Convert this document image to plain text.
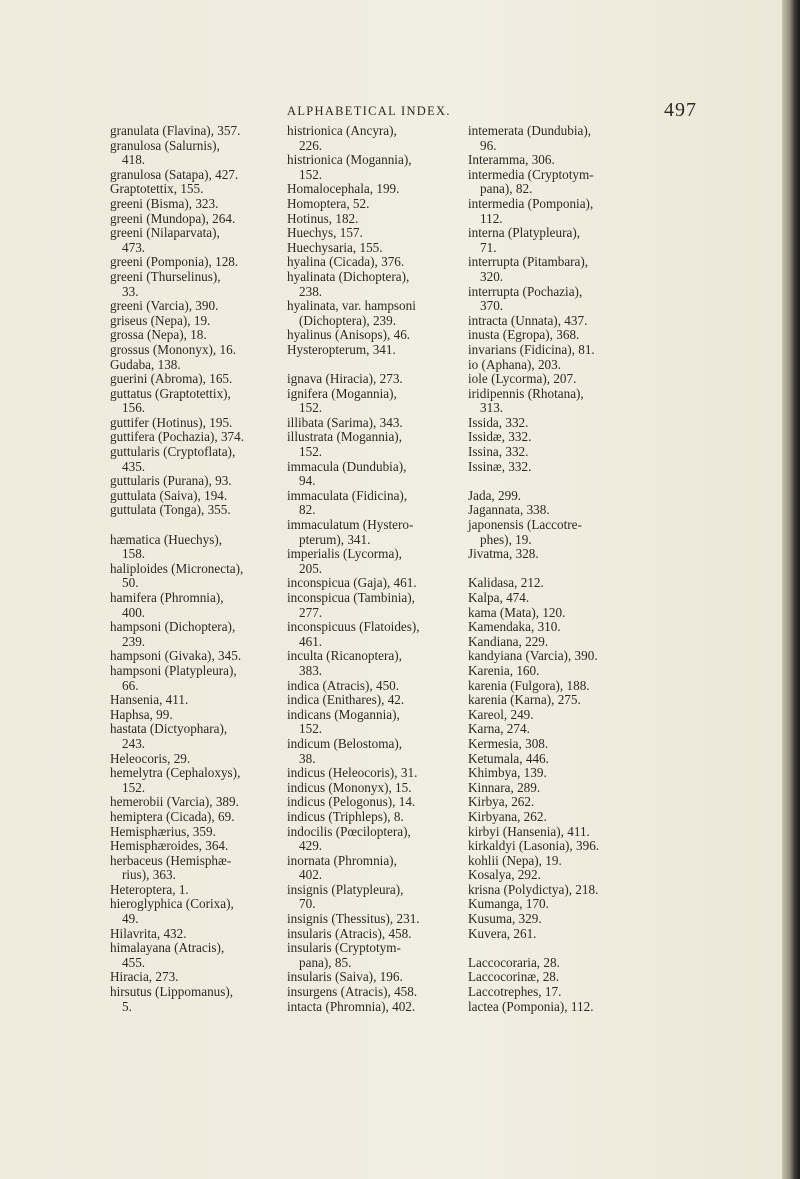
ALPHABETICAL INDEX.	497
granulata (Flavina), 357.
granulosa (Salurnis),
418.
granulosa (Satapa), 427.
Graptotettix, 155.
greeni (Bisma), 323.
greeni (Mundopa), 264.
greeni (Nilaparvata),
473.
greeni (Pomponia), 128.
greeni (Thurselinus),
33.
greeni (Varcia), 390.
griseus (Nepa), 19.
grossa (Nepa), 18.
grossus (Mononyx), 16.
Gudaba, 138.
guerini (Abroma), 165.
guttatus (Graptotettix),
156.
guttifer (Hotinus), 195.
guttifera (Pochazia), 374.
guttularis (Cryptoflata),
435.
guttularis (Purana), 93.
guttulata (Saiva), 194.
guttulata (Tonga), 355.
hæmatica (Huechys),
158.
haliploides (Micronecta),
50.
hamifera (Phromnia),
400.
hampsoni (Dichoptera),
239.
hampsoni (Givaka), 345.
hampsoni (Platypleura),
66.
Hansenia, 411.
Haphsa, 99.
hastata (Dictyophara),
243.
Heleocoris, 29.
hemelytra (Cephaloxys),
152.
hemerobii (Varcia), 389.
hemiptera (Cicada), 69.
Hemisphærius, 359.
Hemisphæroides, 364.
herbaceus (Hemisphæ-
rius), 363.
Heteroptera, 1.
hieroglyphica (Corixa),
49.
Hilavrita, 432.
himalayana (Atracis),
455.
Hiracia, 273.
hirsutus (Lippomanus),
5.
histrionica (Ancyra),
226.
histrionica (Mogannia),
152.
Homalocephala, 199.
Homoptera, 52.
Hotinus, 182.
Huechys, 157.
Huechysaria, 155.
hyalina (Cicada), 376.
hyalinata (Dichoptera),
238.
hyalinata, var. hampsoni
(Dichoptera), 239.
hyalinus (Anisops), 46.
Hysteropterum, 341.
ignava (Hiracia), 273.
ignifera (Mogannia),
152.
illibata (Sarima), 343.
illustrata (Mogannia),
152.
immacula (Dundubia),
94.
immaculata (Fidicina),
82.
immaculatum (Hystero-
pterum), 341.
imperialis (Lycorma),
205.
inconspicua (Gaja), 461.
inconspicua (Tambinia),
277.
inconspicuus (Flatoides),
461.
inculta (Ricanoptera),
383.
indica (Atracis), 450.
indica (Enithares), 42.
indicans (Mogannia),
152.
indicum (Belostoma),
38.
indicus (Heleocoris), 31.
indicus (Mononyx), 15.
indicus (Pelogonus), 14.
indicus (Triphleps), 8.
indocilis (Pœciloptera),
429.
inornata (Phromnia),
402.
insignis (Platypleura),
70.
insignis (Thessitus), 231.
insularis (Atracis), 458.
insularis (Cryptotym-
pana), 85.
insularis (Saiva), 196.
insurgens (Atracis), 458.
intacta (Phromnia), 402.
intemerata (Dundubia),
96.
Interamma, 306.
intermedia (Cryptotym-
pana), 82.
intermedia (Pomponia),
112.
interna (Platypleura),
71.
interrupta (Pitambara),
320.
interrupta (Pochazia),
370.
intracta (Unnata), 437.
inusta (Egropa), 368.
invarians (Fidicina), 81.
io (Aphana), 203.
iole (Lycorma), 207.
iridipennis (Rhotana),
313.
Issida, 332.
Issidæ, 332.
Issina, 332.
Issinæ, 332.
Jada, 299.
Jagannata, 338.
japonensis (Laccotre-
phes), 19.
Jivatma, 328.
Kalidasa, 212.
Kalpa, 474.
kama (Mata), 120.
Kamendaka, 310.
Kandiana, 229.
kandyiana (Varcia), 390.
Karenia, 160.
karenia (Fulgora), 188.
karenia (Karna), 275.
Kareol, 249.
Karna, 274.
Kermesia, 308.
Ketumala, 446.
Khimbya, 139.
Kinnara, 289.
Kirbya, 262.
Kirbyana, 262.
kirbyi (Hansenia), 411.
kirkaldyi (Lasonia), 396.
kohlii (Nepa), 19.
Kosalya, 292.
krisna (Polydictya), 218.
Kumanga, 170.
Kusuma, 329.
Kuvera, 261.
Laccocoraria, 28.
Laccocorinæ, 28.
Laccotrephes, 17.
lactea (Pomponia), 112.
